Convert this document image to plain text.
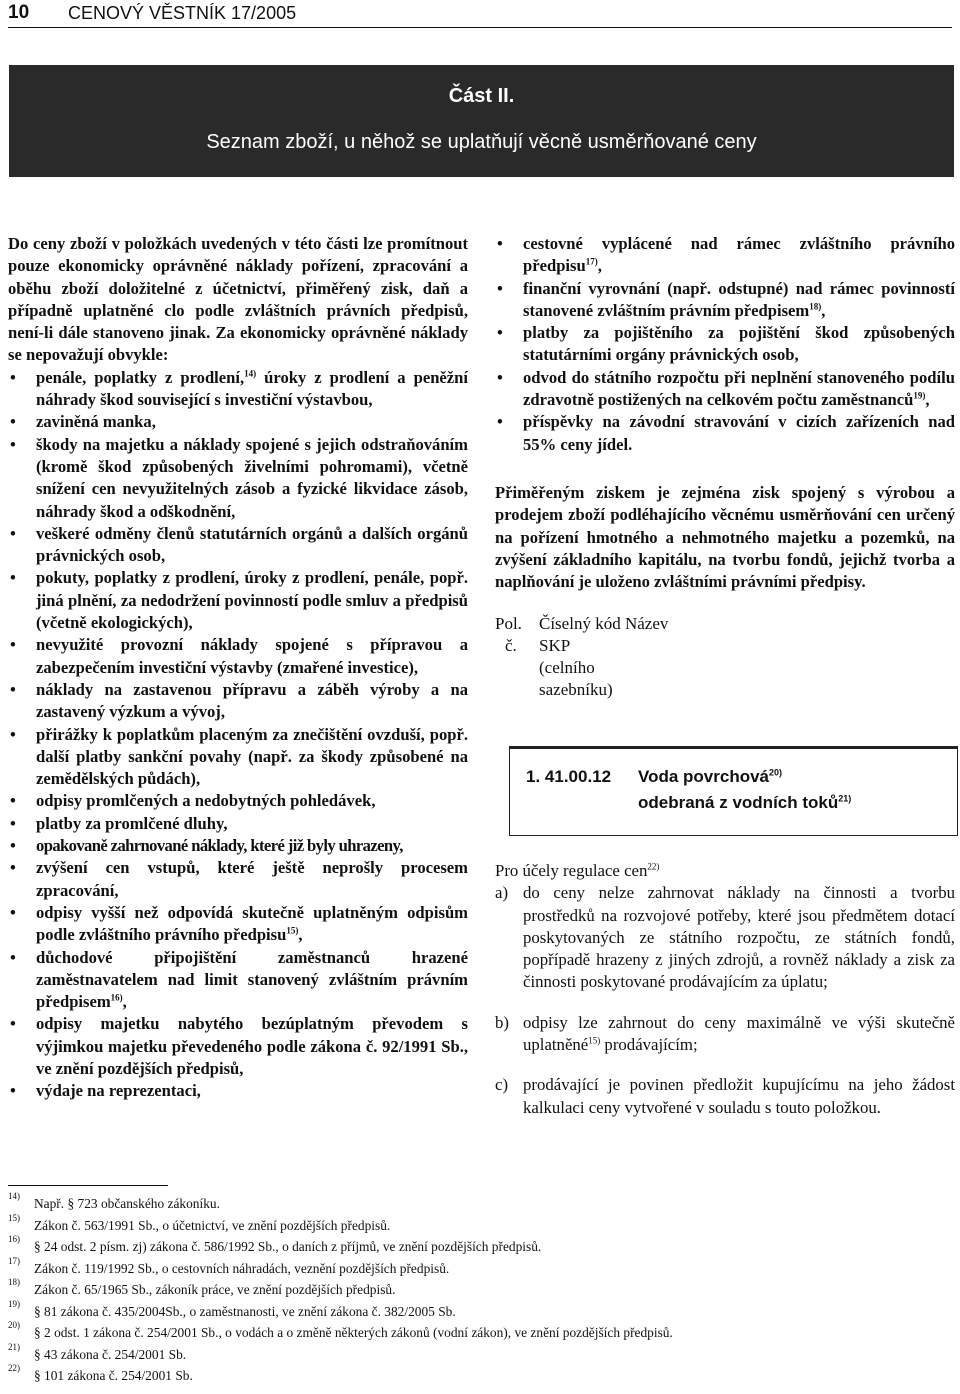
10 CENOVÝ VĚSTNÍK 17/2005
Část II.
Seznam zboží, u něhož se uplatňují věcně usměrňované ceny

Do ceny zboží v položkách uvedených v této části lze promítnout pouze ekonomicky oprávněné náklady pořízení, zpracování a oběhu zboží doložitelné z účetnictví, přiměřený zisk, daň a případně uplatněné clo podle zvláštních právních předpisů, není-li dále stanoveno jinak. Za ekonomicky oprávněné náklady se nepovažují obvykle:

• penále, poplatky z prodlení,$^{14)}$ úroky z prodlení a peněžní náhrady škod související s investiční výstavbou,
• zaviněná manka,
• škody na majetku a náklady spojené s jejich odstraňováním (kromě škod způsobených živelními pohromami), včetně snížení cen nevyužitelných zásob a fyzické likvidace zásob, náhrady škod a odškodnění,
• veškeré odměny členů statutárních orgánů a dalších orgánů právnických osob,
• pokuty, poplatky z prodlení, úroky z prodlení, penále, popř. jiná plnění, za nedodržení povinností podle smluv a předpisů (včetně ekologických),
• nevyužité provozní náklady spojené s přípravou a zabezpečením investiční výstavby (zmařené investice),
• náklady na zastavenou přípravu a záběh výroby a na zastavený výzkum a vývoj,
• přirážky k poplatkům placeným za znečištění ovzduší, popř. další platby sankční povahy (např. za škody způsobené na zemědělských půdách),
• odpisy promlčených a nedobytných pohledávek,
• platby za promlčené dluhy,
• opakovaně zahrnované náklady, které již byly uhrazeny,
• zvýšení cen vstupů, které ještě neprošly procesem zpracování,
• odpisy vyšší než odpovídá skutečně uplatněným odpisům podle zvláštního právního předpisu$^{15)}$,
• důchodové připojištění zaměstnanců hrazené zaměstnavatelem nad limit stanovený zvláštním právním předpisem$^{16)}$,
• odpisy majetku nabytého bezúplatným převodem s výjimkou majetku převedeného podle zákona č. 92/1991 Sb., ve znění pozdějších předpisů,
• výdaje na reprezentaci,
• cestovné vyplácené nad rámec zvláštního právního předpisu$^{17)}$,
• finanční vyrovnání (např. odstupné) nad rámec povinností stanovené zvláštním právním předpisem$^{18)}$,
• platby za pojištěního za pojištění škod způsobených statutárními orgány právnických osob,
• odvod do státního rozpočtu při neplnění stanoveného podílu zdravotně postižených na celkovém počtu zaměstnanců$^{19)}$,
• příspěvky na závodní stravování v cizích zařízeních nad 55% ceny jídel.

Přiměřeným ziskem je zejména zisk spojený s výrobou a prodejem zboží podléhajícího věcnému usměrňování cen určený na pořízení hmotného a nehmotného majetku a pozemků, na zvýšení základního kapitálu, na tvorbu fondů, jejichž tvorba a naplňování je uloženo zvláštními právními předpisy.

Pol.
č.
Číselný kód Název
SKP
(celního
sazebníku)
1. 41.00.12 Voda povrchová$^{20)}$
odebraná z vodních toků$^{21)}$

Pro účely regulace cen$^{22)}$

a) do ceny nelze zahrnovat náklady na činnosti a tvorbu prostředků na rozvojové potřeby, které jsou předmětem dotací poskytovaných ze státního rozpočtu, ze státních fondů, popřípadě hrazeny z jiných zdrojů, a rovněž náklady a zisk za činnosti poskytované prodávajícím za úplatu;
b) odpisy lze zahrnout do ceny maximálně ve výši skutečně uplatněné$^{15)}$ prodávajícím;
c) prodávající je povinen předložit kupujícímu na jeho žádost kalkulaci ceny vytvořené v souladu s touto položkou.
14) Např. § 723 občanského zákoníku.
15) Zákon č. 563/1991 Sb., o účetnictví, ve znění pozdějších předpisů.
16) § 24 odst. 2 písm. zj) zákona č. 586/1992 Sb., o daních z příjmů, ve znění pozdějších předpisů.
17) Zákon č. 119/1992 Sb., o cestovních náhradách, veznění pozdějších předpisů.
18) Zákon č. 65/1965 Sb., zákoník práce, ve znění pozdějších předpisů.
19) § 81 zákona č. 435/2004Sb., o zaměstnanosti, ve znění zákona č. 382/2005 Sb.
20) § 2 odst. 1 zákona č. 254/2001 Sb., o vodách a o změně některých zákonů (vodní zákon), ve znění pozdějších předpisů.
21) § 43 zákona č. 254/2001 Sb.
22) § 101 zákona č. 254/2001 Sb.
